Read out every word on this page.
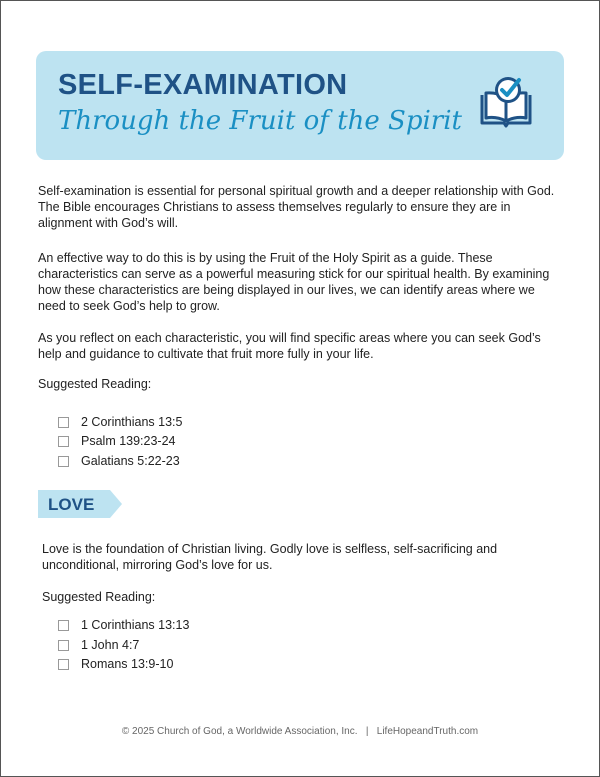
SELF-EXAMINATION
Through the Fruit of the Spirit

Self-examination is essential for personal spiritual growth and a deeper relationship with God. The Bible encourages Christians to assess themselves regularly to ensure they are in alignment with God’s will.

An effective way to do this is by using the Fruit of the Holy Spirit as a guide. These characteristics can serve as a powerful measuring stick for our spiritual health. By examining how these characteristics are being displayed in our lives, we can identify areas where we need to seek God’s help to grow.

As you reflect on each characteristic, you will find specific areas where you can seek God’s help and guidance to cultivate that fruit more fully in your life.

Suggested Reading:
2 Corinthians 13:5
Psalm 139:23-24
Galatians 5:22-23
LOVE

Love is the foundation of Christian living. Godly love is selfless, self-sacrificing and unconditional, mirroring God’s love for us.

Suggested Reading:
1 Corinthians 13:13
1 John 4:7
Romans 13:9-10
© 2025 Church of God, a Worldwide Association, Inc.   |   LifeHopeandTruth.com
